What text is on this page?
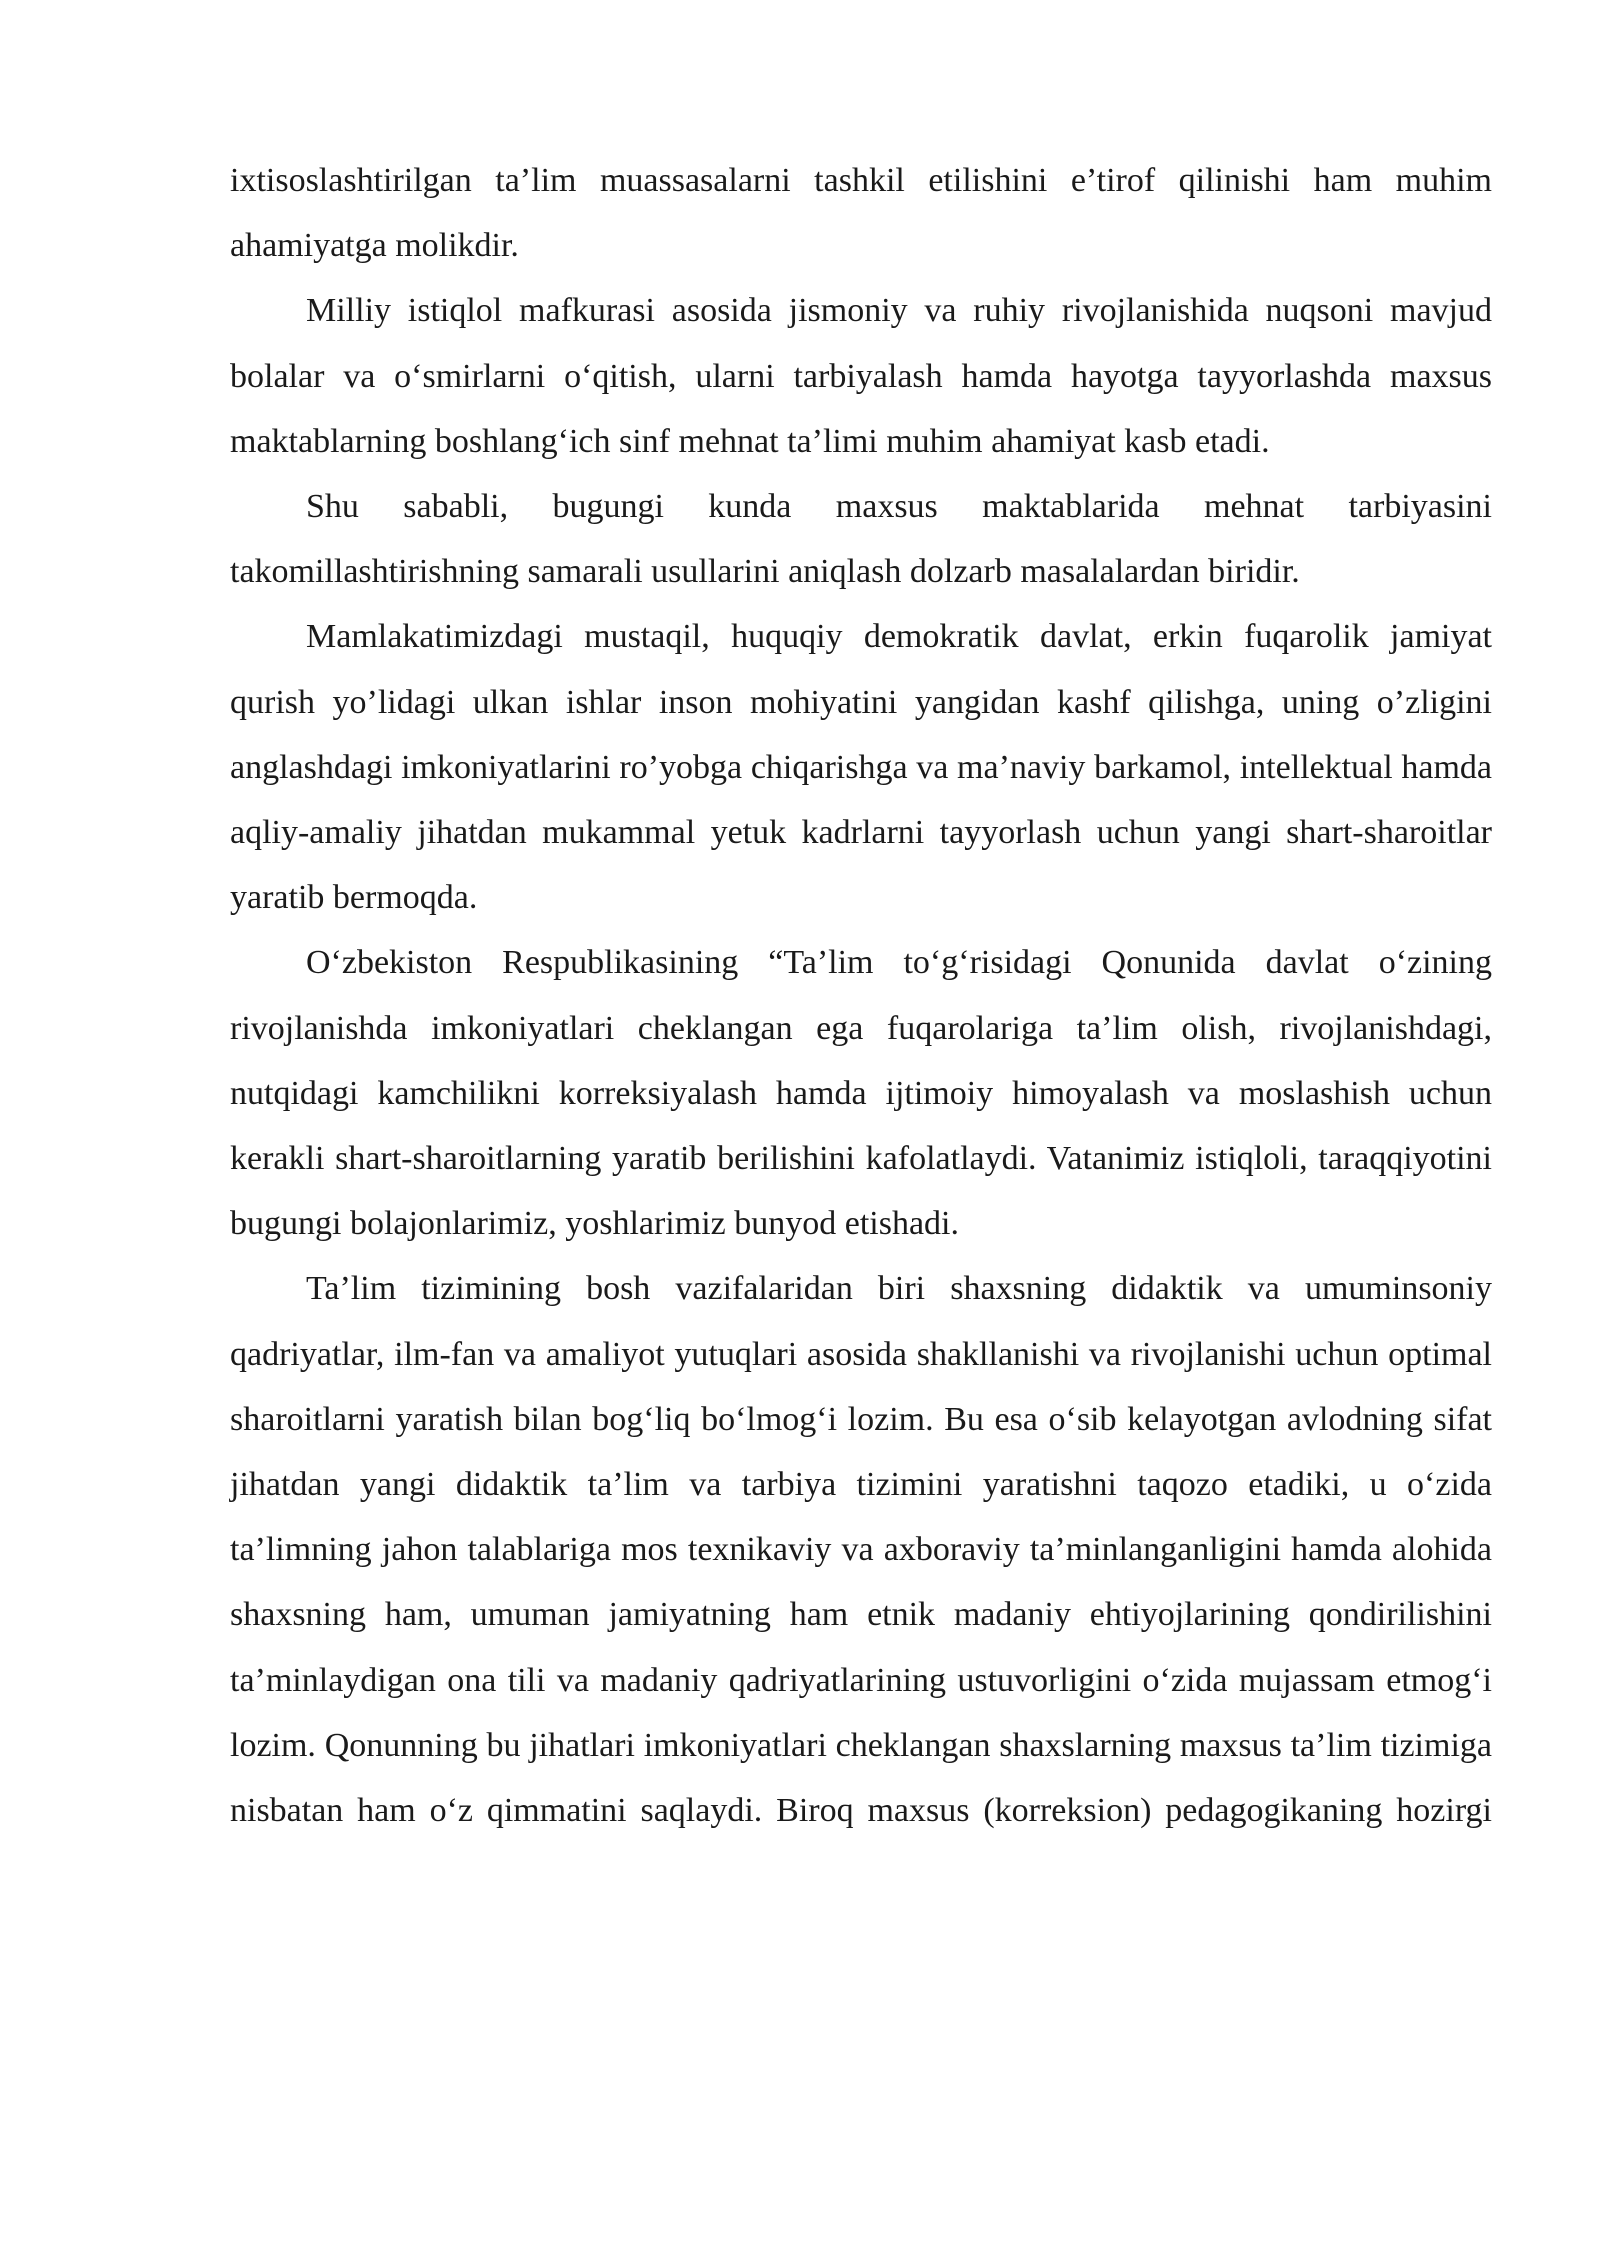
ixtisoslashtirilgan ta’lim muassasalarni tashkil etilishini e’tirof qilinishi ham muhim ahamiyatga molikdir.

Milliy istiqlol mafkurasi asosida jismoniy va ruhiy rivojlanishida nuqsoni mavjud bolalar va o‘smirlarni o‘qitish, ularni tarbiyalash hamda hayotga tayyorlashda maxsus maktablarning boshlang‘ich sinf mehnat ta’limi muhim ahamiyat kasb etadi.

Shu sababli, bugungi kunda maxsus maktablarida mehnat tarbiyasini takomillashtirishning samarali usullarini aniqlash dolzarb masalalardan biridir.

Mamlakatimizdagi mustaqil, huquqiy demokratik davlat, erkin fuqarolik jamiyat qurish yo’lidagi ulkan ishlar inson mohiyatini yangidan kashf qilishga, uning o’zligini anglashdagi imkoniyatlarini ro’yobga chiqarishga va ma’naviy barkamol, intellektual hamda aqliy-amaliy jihatdan mukammal yetuk kadrlarni tayyorlash uchun yangi shart-sharoitlar yaratib bermoqda.

O‘zbekiston Respublikasining “Ta’lim to‘g‘risidagi Qonunida davlat o‘zining rivojlanishda imkoniyatlari cheklangan ega fuqarolariga ta’lim olish, rivojlanishdagi, nutqidagi kamchilikni korreksiyalash hamda ijtimoiy himoyalash va moslashish uchun kerakli shart-sharoitlarning yaratib berilishini kafolatlaydi. Vatanimiz istiqloli, taraqqiyotini bugungi bolajonlarimiz, yoshlarimiz bunyod etishadi.

Ta’lim tizimining bosh vazifalaridan biri shaxsning didaktik va umuminsoniy qadriyatlar, ilm-fan va amaliyot yutuqlari asosida shakllanishi va rivojlanishi uchun optimal sharoitlarni yaratish bilan bog‘liq bo‘lmog‘i lozim. Bu esa o‘sib kelayotgan avlodning sifat jihatdan yangi didaktik ta’lim va tarbiya tizimini yaratishni taqozo etadiki, u o‘zida ta’limning jahon talablariga mos texnikaviy va axboraviy ta’minlanganligini hamda alohida shaxsning ham, umuman jamiyatning ham etnik madaniy ehtiyojlarining qondirilishini ta’minlaydigan ona tili va madaniy qadriyatlarining ustuvorligini o‘zida mujassam etmog‘i lozim. Qonunning bu jihatlari imkoniyatlari cheklangan shaxslarning maxsus ta’lim tizimiga nisbatan ham o‘z qimmatini saqlaydi. Biroq maxsus (korreksion) pedagogikaning hozirgi
